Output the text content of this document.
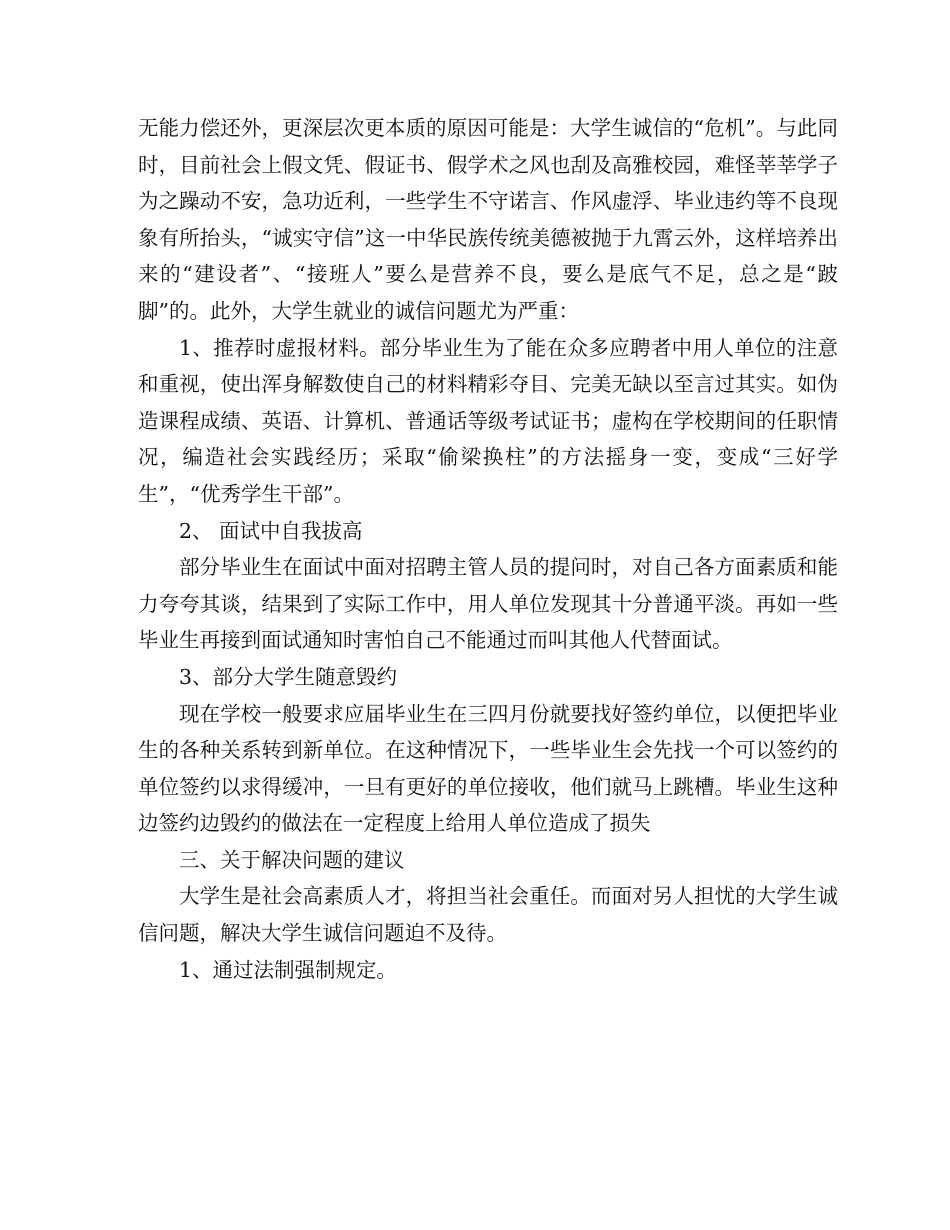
无能力偿还外，更深层次更本质的原因可能是：大学生诚信的“危机”。与此同时，目前社会上假文凭、假证书、假学术之风也刮及高雅校园，难怪莘莘学子为之躁动不安，急功近利，一些学生不守诺言、作风虚浮、毕业违约等不良现象有所抬头，“诚实守信”这一中华民族传统美德被抛于九霄云外，这样培养出来的“建设者”、“接班人”要么是营养不良，要么是底气不足，总之是“跛脚”的。此外，大学生就业的诚信问题尤为严重：

1、推荐时虚报材料。部分毕业生为了能在众多应聘者中用人单位的注意和重视，使出浑身解数使自己的材料精彩夺目、完美无缺以至言过其实。如伪造课程成绩、英语、计算机、普通话等级考试证书；虚构在学校期间的任职情况，编造社会实践经历；采取“偷梁换柱”的方法摇身一变，变成“三好学生”，“优秀学生干部”。

2、 面试中自我拔高

部分毕业生在面试中面对招聘主管人员的提问时，对自己各方面素质和能力夸夸其谈，结果到了实际工作中，用人单位发现其十分普通平淡。再如一些毕业生再接到面试通知时害怕自己不能通过而叫其他人代替面试。

3、部分大学生随意毁约

现在学校一般要求应届毕业生在三四月份就要找好签约单位，以便把毕业生的各种关系转到新单位。在这种情况下，一些毕业生会先找一个可以签约的单位签约以求得缓冲，一旦有更好的单位接收，他们就马上跳槽。毕业生这种边签约边毁约的做法在一定程度上给用人单位造成了损失

三、关于解决问题的建议

大学生是社会高素质人才，将担当社会重任。而面对另人担忧的大学生诚信问题，解决大学生诚信问题迫不及待。

1、通过法制强制规定。
